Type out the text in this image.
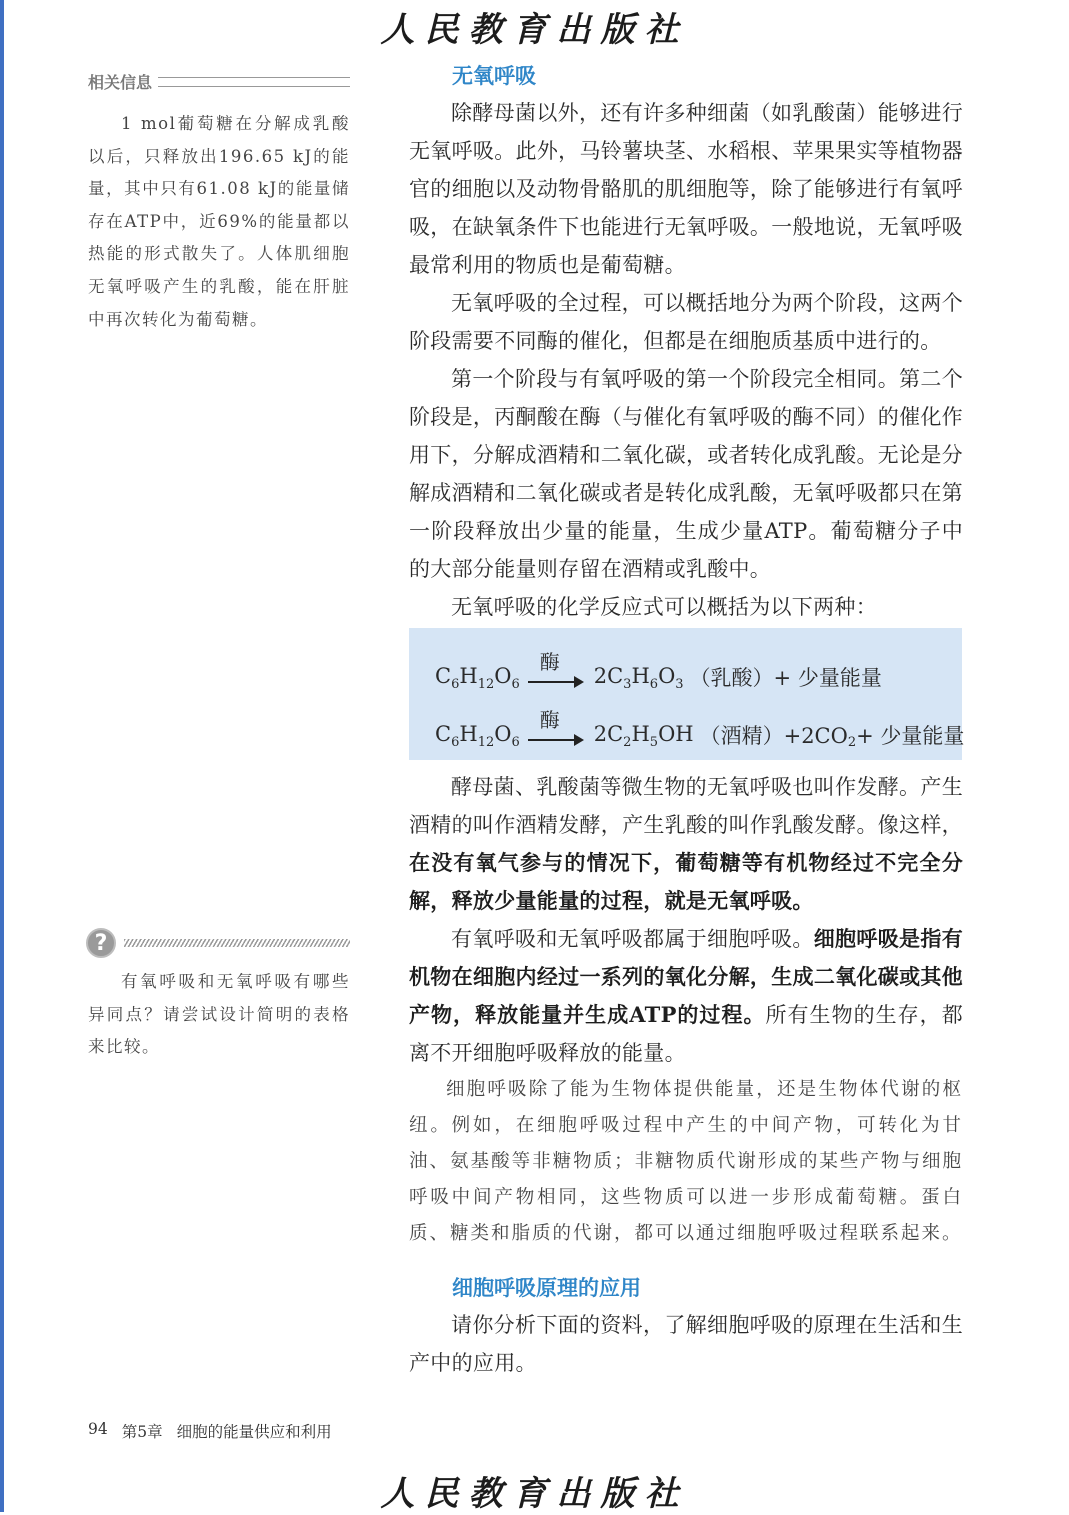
人民教育出版社
相关信息
1 mol葡萄糖在分解成乳酸以后，只释放出196.65 kJ的能量，其中只有61.08 kJ的能量储存在ATP中，近69%的能量都以热能的形式散失了。人体肌细胞无氧呼吸产生的乳酸，能在肝脏中再次转化为葡萄糖。
?
有氧呼吸和无氧呼吸有哪些异同点？请尝试设计简明的表格来比较。
无氧呼吸

除酵母菌以外，还有许多种细菌（如乳酸菌）能够进行无氧呼吸。此外，马铃薯块茎、水稻根、苹果果实等植物器官的细胞以及动物骨骼肌的肌细胞等，除了能够进行有氧呼吸，在缺氧条件下也能进行无氧呼吸。一般地说，无氧呼吸最常利用的物质也是葡萄糖。

无氧呼吸的全过程，可以概括地分为两个阶段，这两个阶段需要不同酶的催化，但都是在细胞质基质中进行的。

第一个阶段与有氧呼吸的第一个阶段完全相同。第二个阶段是，丙酮酸在酶（与催化有氧呼吸的酶不同）的催化作用下，分解成酒精和二氧化碳，或者转化成乳酸。无论是分解成酒精和二氧化碳或者是转化成乳酸，无氧呼吸都只在第一阶段释放出少量的能量，生成少量ATP。葡萄糖分子中的大部分能量则存留在酒精或乳酸中。

无氧呼吸的化学反应式可以概括为以下两种：

$C_6H_{12}O_6$
酶
$2C_3H_6O_3$ （乳酸）+ 少量能量
$C_6H_{12}O_6$
酶
$2C_2H_5OH$ （酒精）$+2CO_2$ + 少量能量

酵母菌、乳酸菌等微生物的无氧呼吸也叫作发酵。产生酒精的叫作酒精发酵，产生乳酸的叫作乳酸发酵。像这样，在没有氧气参与的情况下，葡萄糖等有机物经过不完全分解，释放少量能量的过程，就是无氧呼吸。

有氧呼吸和无氧呼吸都属于细胞呼吸。细胞呼吸是指有机物在细胞内经过一系列的氧化分解，生成二氧化碳或其他产物，释放能量并生成ATP的过程。所有生物的生存，都离不开细胞呼吸释放的能量。

细胞呼吸除了能为生物体提供能量，还是生物体代谢的枢纽。例如，在细胞呼吸过程中产生的中间产物，可转化为甘油、氨基酸等非糖物质；非糖物质代谢形成的某些产物与细胞呼吸中间产物相同，这些物质可以进一步形成葡萄糖。蛋白质、糖类和脂质的代谢，都可以通过细胞呼吸过程联系起来。

细胞呼吸原理的应用

请你分析下面的资料，了解细胞呼吸的原理在生活和生产中的应用。

94 第5章 细胞的能量供应和利用
人民教育出版社
